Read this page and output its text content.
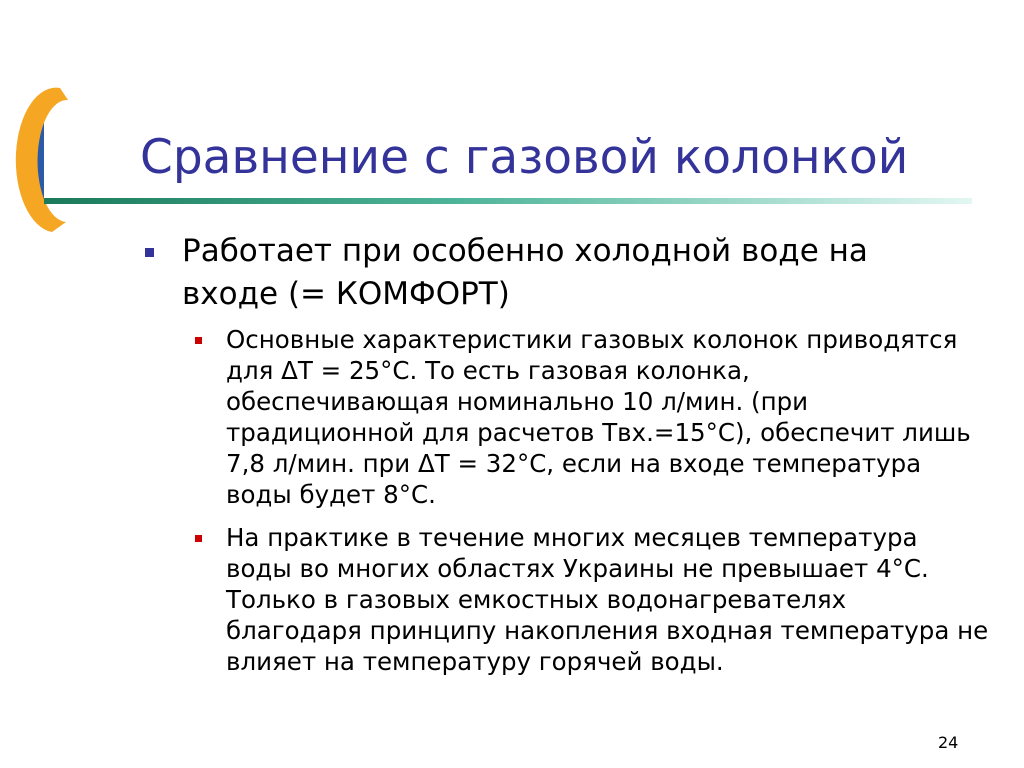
Сравнение с газовой колонкой
Работает при особенно холодной воде на
входе (= КОМФОРТ)
Основные характеристики газовых колонок приводятся
для ΔТ = 25°С. То есть газовая колонка,
обеспечивающая номинально 10 л/мин. (при
традиционной для расчетов Твх.=15°С), обеспечит лишь
7,8 л/мин. при ΔТ = 32°С, если на входе температура
воды будет 8°С.
На практике в течение многих месяцев температура
воды во многих областях Украины не превышает 4°С.
Только в газовых емкостных водонагревателях
благодаря принципу накопления входная температура не
влияет на температуру горячей воды.
24
